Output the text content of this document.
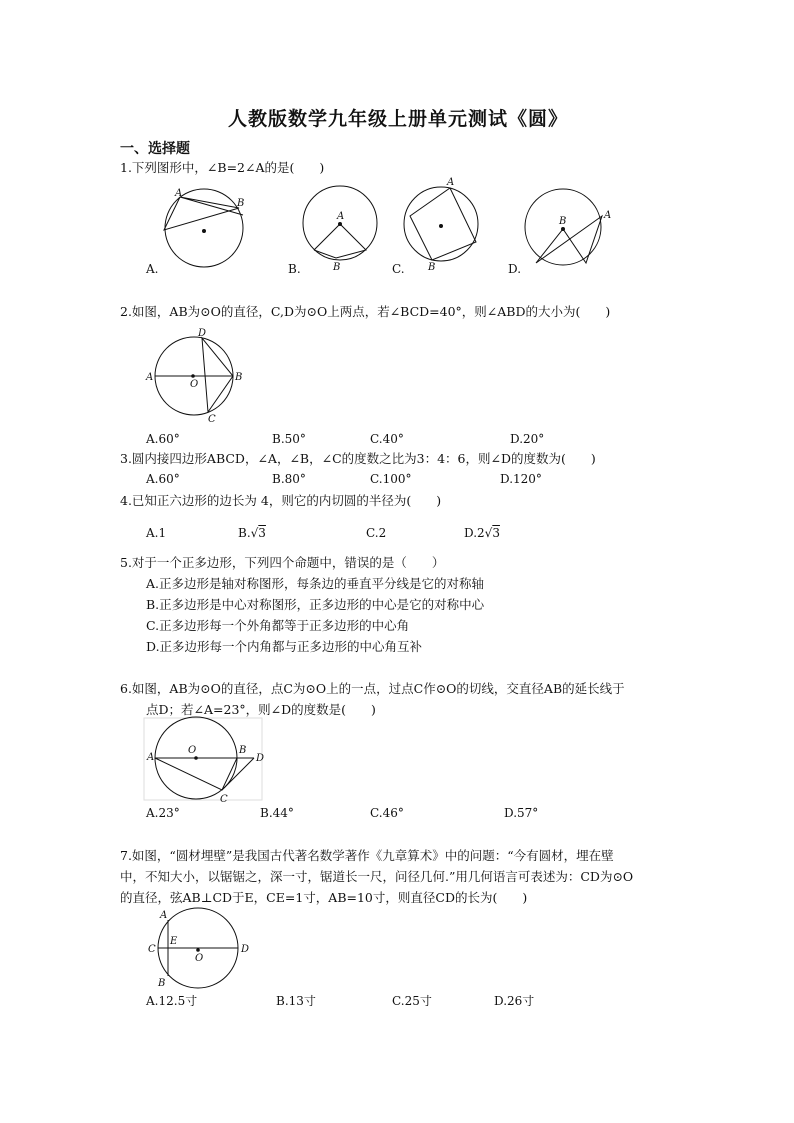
人教版数学九年级上册单元测试《圆》
一、选择题
1.下列图形中，∠B=2∠A的是(　　)
A
B
A
B
A
B
B
A
A.	B.	C.	D.
2.如图，AB为⊙O的直径，C,D为⊙O上两点，若∠BCD=40°，则∠ABD的大小为(　　)
D
A
O
B
C
A.60°	B.50°	C.40°	D.20°
3.圆内接四边形ABCD，∠A，∠B，∠C的度数之比为3：4：6，则∠D的度数为(　　)
A.60°	B.80°	C.100°	D.120°
4.已知正六边形的边长为 4，则它的内切圆的半径为(　　)
A.1	B.√3	C.2	D.2√3
5.对于一个正多边形，下列四个命题中，错误的是（　　）
A.正多边形是轴对称图形，每条边的垂直平分线是它的对称轴
B.正多边形是中心对称图形，正多边形的中心是它的对称中心
C.正多边形每一个外角都等于正多边形的中心角
D.正多边形每一个内角都与正多边形的中心角互补
6.如图，AB为⊙O的直径，点C为⊙O上的一点，过点C作⊙O的切线，交直径AB的延长线于
点D；若∠A=23°，则∠D的度数是(　　)
A
O	B
D
C
A.23°	B.44°	C.46°	D.57°
7.如图，“圆材埋壁”是我国古代著名数学著作《九章算术》中的问题：“今有圆材，埋在壁
中，不知大小，以锯锯之，深一寸，锯道长一尺，问径几何.”用几何语言可表述为：CD为⊙O
的直径，弦AB⊥CD于E，CE=1寸，AB=10寸，则直径CD的长为(　　)
A
C
E
O
D
B
A.12.5寸	B.13寸	C.25寸	D.26寸
